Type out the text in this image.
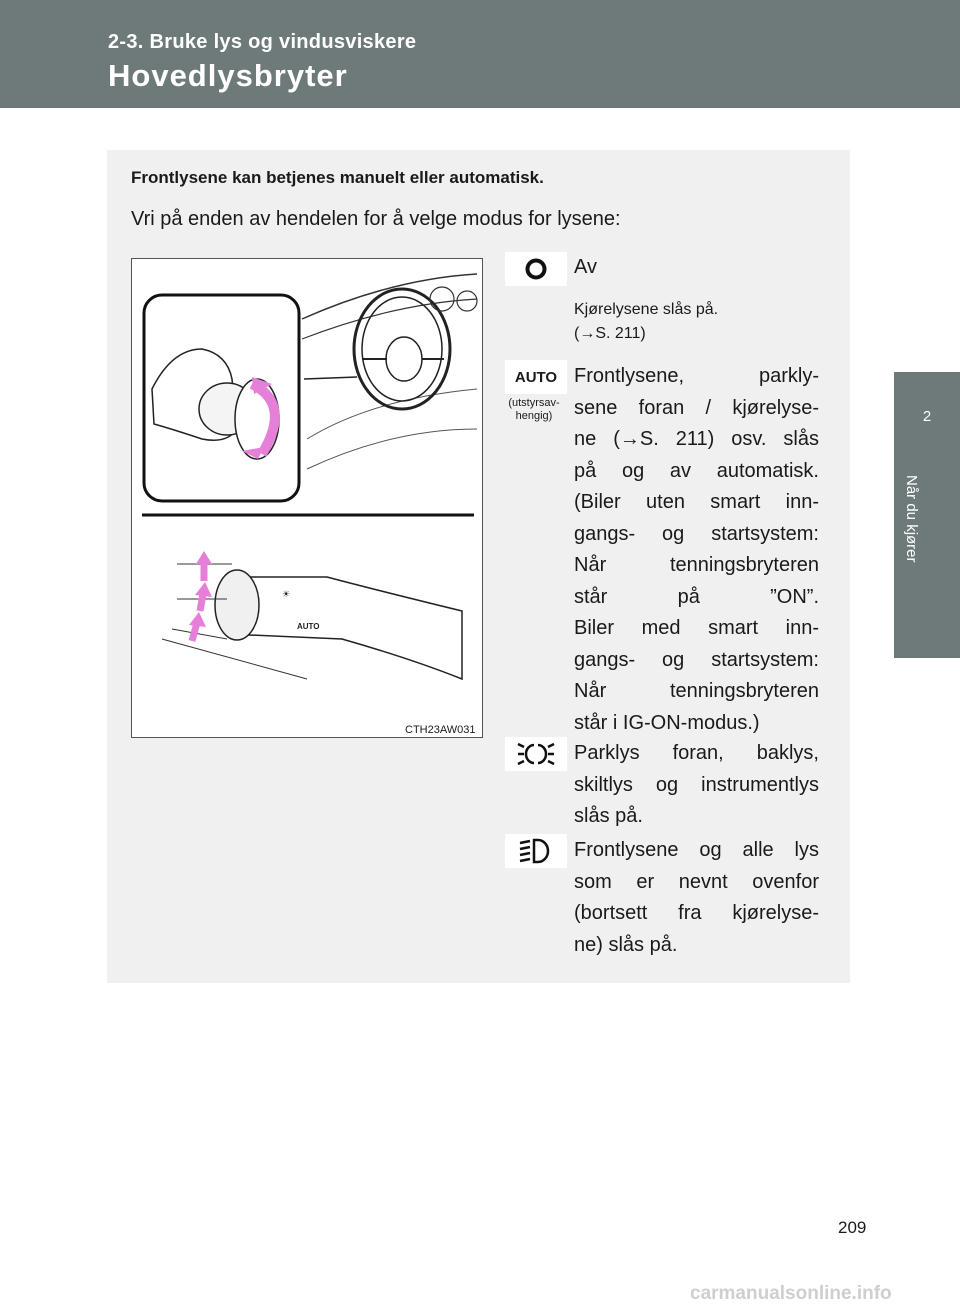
2-3. Bruke lys og vindusviskere
Hovedlysbryter
2
Når du kjører
Frontlysene kan betjenes manuelt eller automatisk.
Vri på enden av hendelen for å velge modus for lysene:
☀
AUTO
CTH23AW031
Av
Kjørelysene slås på.
(→S. 211)
AUTO
(utstyrsav-hengig)
Frontlysene, parkly-
sene foran / kjørelyse-
ne (→S. 211) osv. slås
på og av automatisk.
(Biler uten smart inn-
gangs- og startsystem:
Når tenningsbryteren
står på ”ON”.
Biler med smart inn-
gangs- og startsystem:
Når tenningsbryteren
står i IG-ON-modus.)
Parklys foran, baklys,
skiltlys og instrumentlys
slås på.
Frontlysene og alle lys
som er nevnt ovenfor
(bortsett fra kjørelyse-
ne) slås på.
209
carmanualsonline.info
